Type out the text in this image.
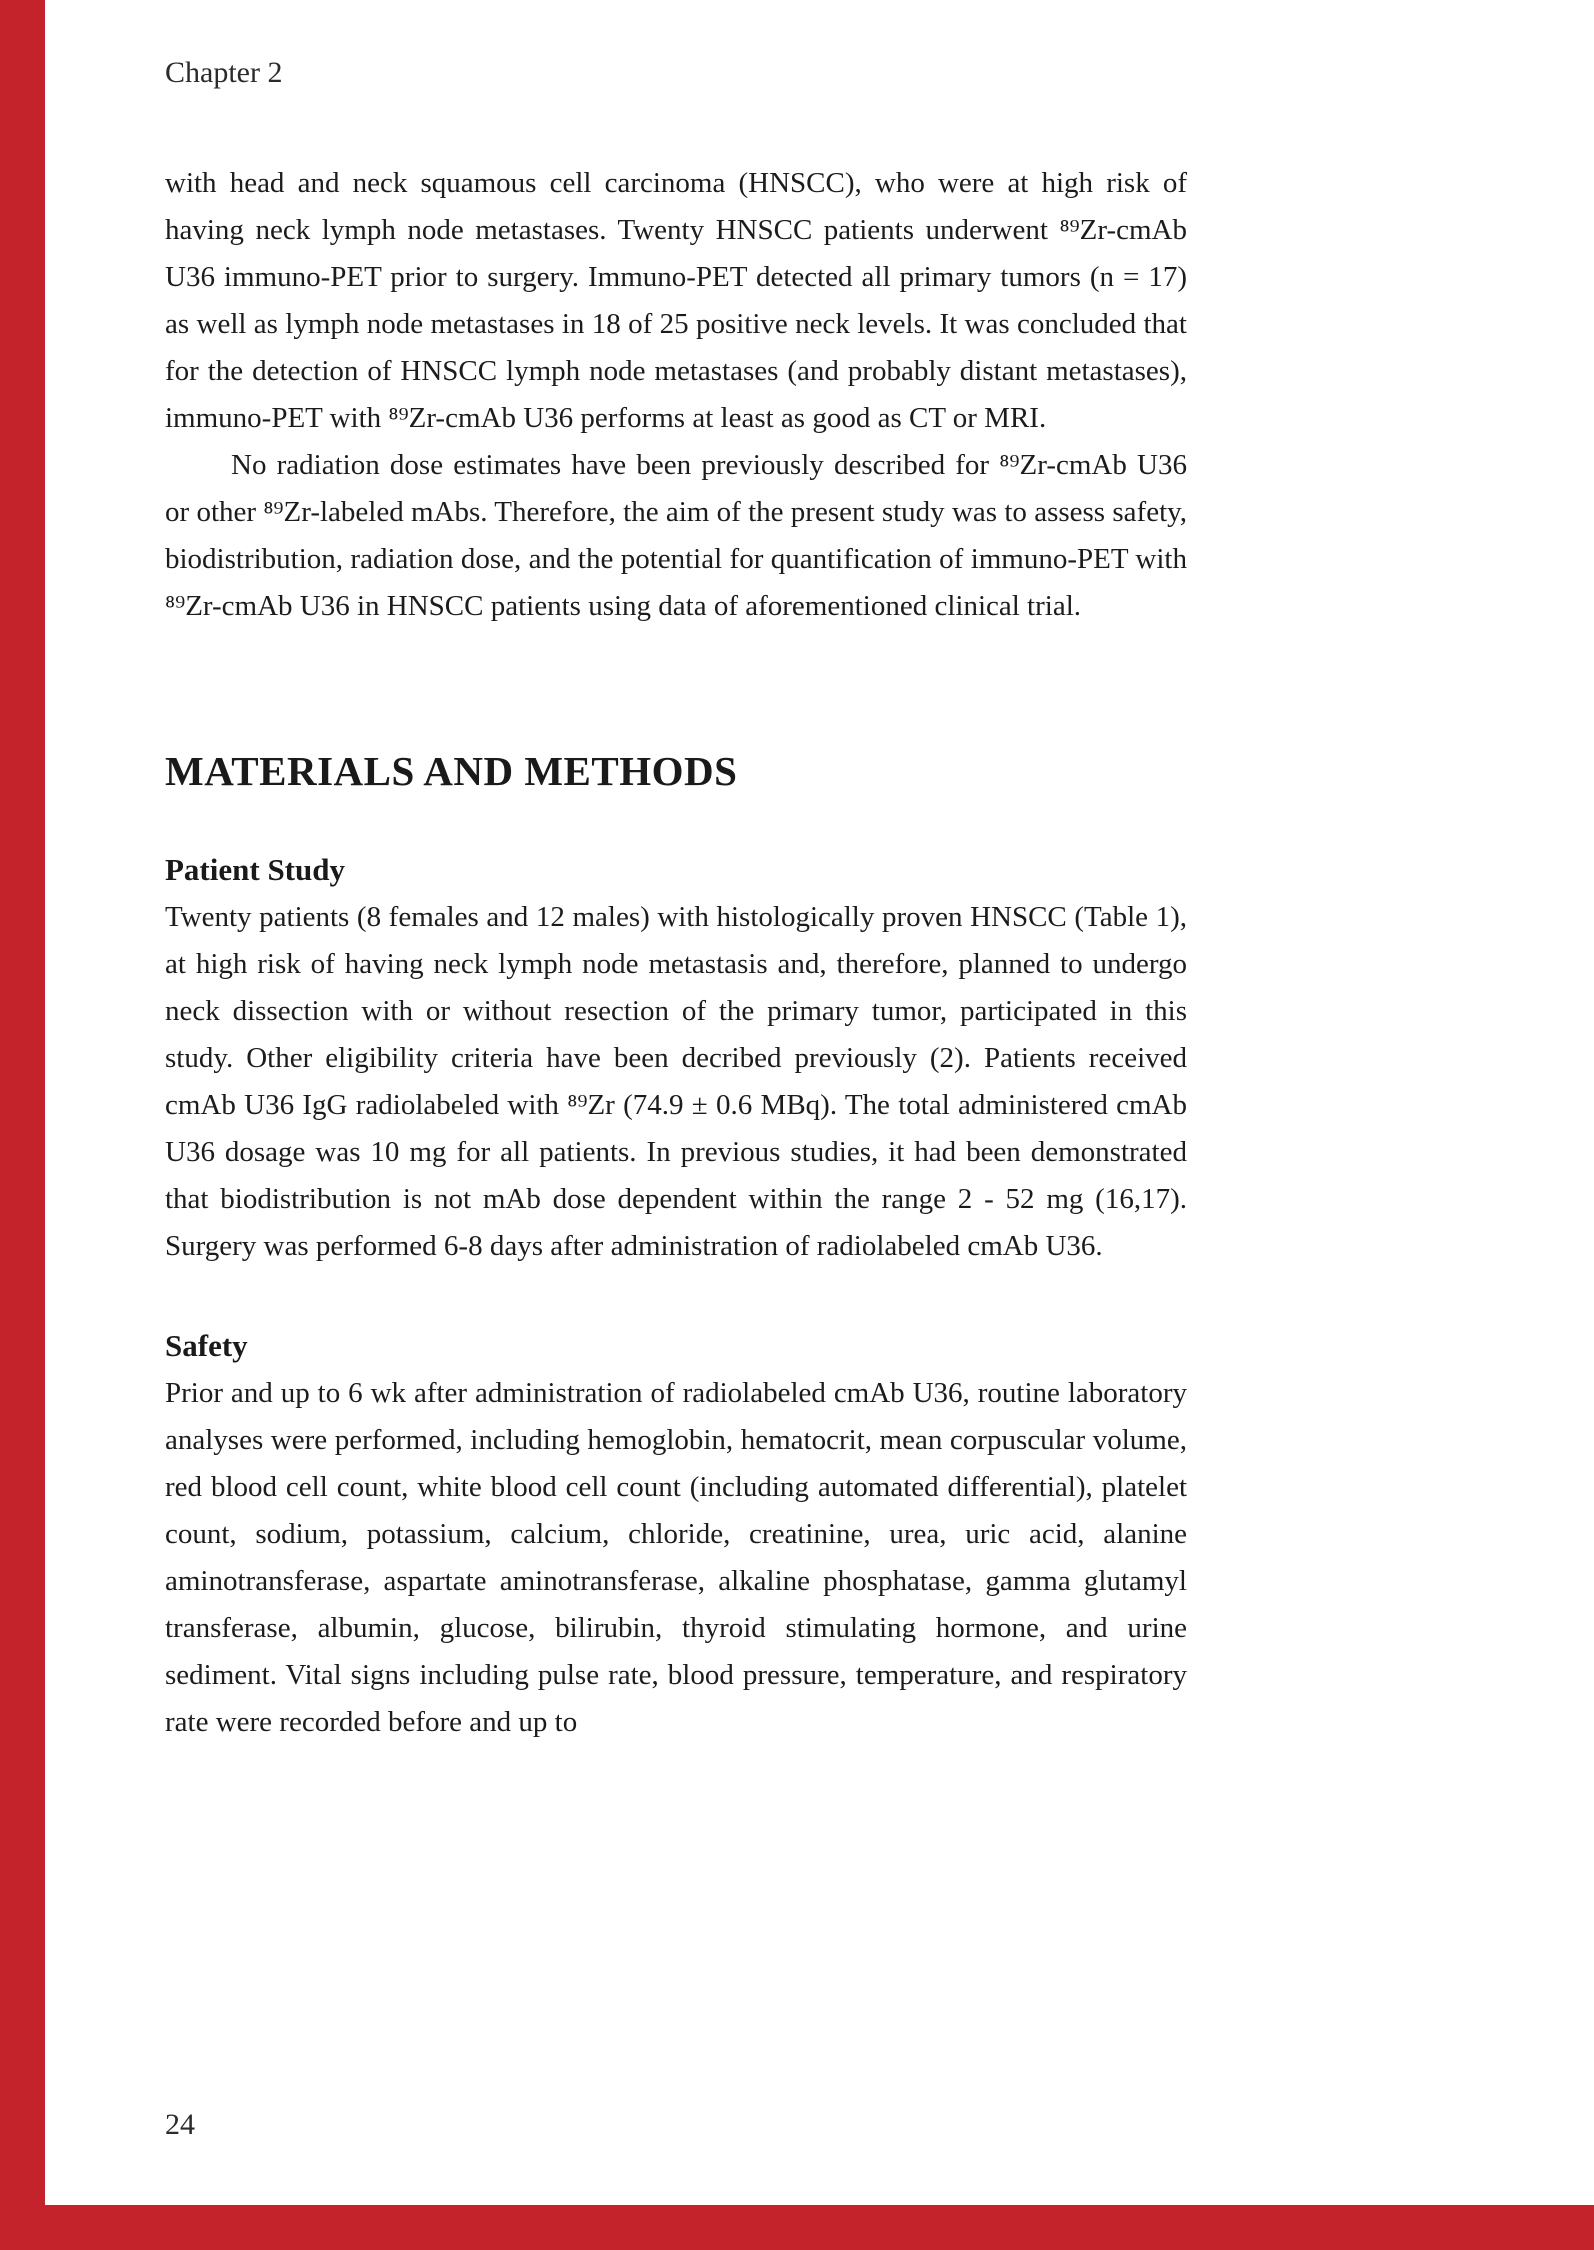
Chapter 2

with head and neck squamous cell carcinoma (HNSCC), who were at high risk of having neck lymph node metastases. Twenty HNSCC patients underwent ⁸⁹Zr-cmAb U36 immuno-PET prior to surgery. Immuno-PET detected all primary tumors (n = 17) as well as lymph node metastases in 18 of 25 positive neck levels. It was concluded that for the detection of HNSCC lymph node metastases (and probably distant metastases), immuno-PET with ⁸⁹Zr-cmAb U36 performs at least as good as CT or MRI.

No radiation dose estimates have been previously described for ⁸⁹Zr-cmAb U36 or other ⁸⁹Zr-labeled mAbs. Therefore, the aim of the present study was to assess safety, biodistribution, radiation dose, and the potential for quantification of immuno-PET with ⁸⁹Zr-cmAb U36 in HNSCC patients using data of aforementioned clinical trial.

MATERIALS AND METHODS
Patient Study

Twenty patients (8 females and 12 males) with histologically proven HNSCC (Table 1), at high risk of having neck lymph node metastasis and, therefore, planned to undergo neck dissection with or without resection of the primary tumor, participated in this study. Other eligibility criteria have been decribed previously (2). Patients received cmAb U36 IgG radiolabeled with ⁸⁹Zr (74.9 ± 0.6 MBq). The total administered cmAb U36 dosage was 10 mg for all patients. In previous studies, it had been demonstrated that biodistribution is not mAb dose dependent within the range 2 - 52 mg (16,17). Surgery was performed 6-8 days after administration of radiolabeled cmAb U36.

Safety

Prior and up to 6 wk after administration of radiolabeled cmAb U36, routine laboratory analyses were performed, including hemoglobin, hematocrit, mean corpuscular volume, red blood cell count, white blood cell count (including automated differential), platelet count, sodium, potassium, calcium, chloride, creatinine, urea, uric acid, alanine aminotransferase, aspartate aminotransferase, alkaline phosphatase, gamma glutamyl transferase, albumin, glucose, bilirubin, thyroid stimulating hormone, and urine sediment. Vital signs including pulse rate, blood pressure, temperature, and respiratory rate were recorded before and up to

24
